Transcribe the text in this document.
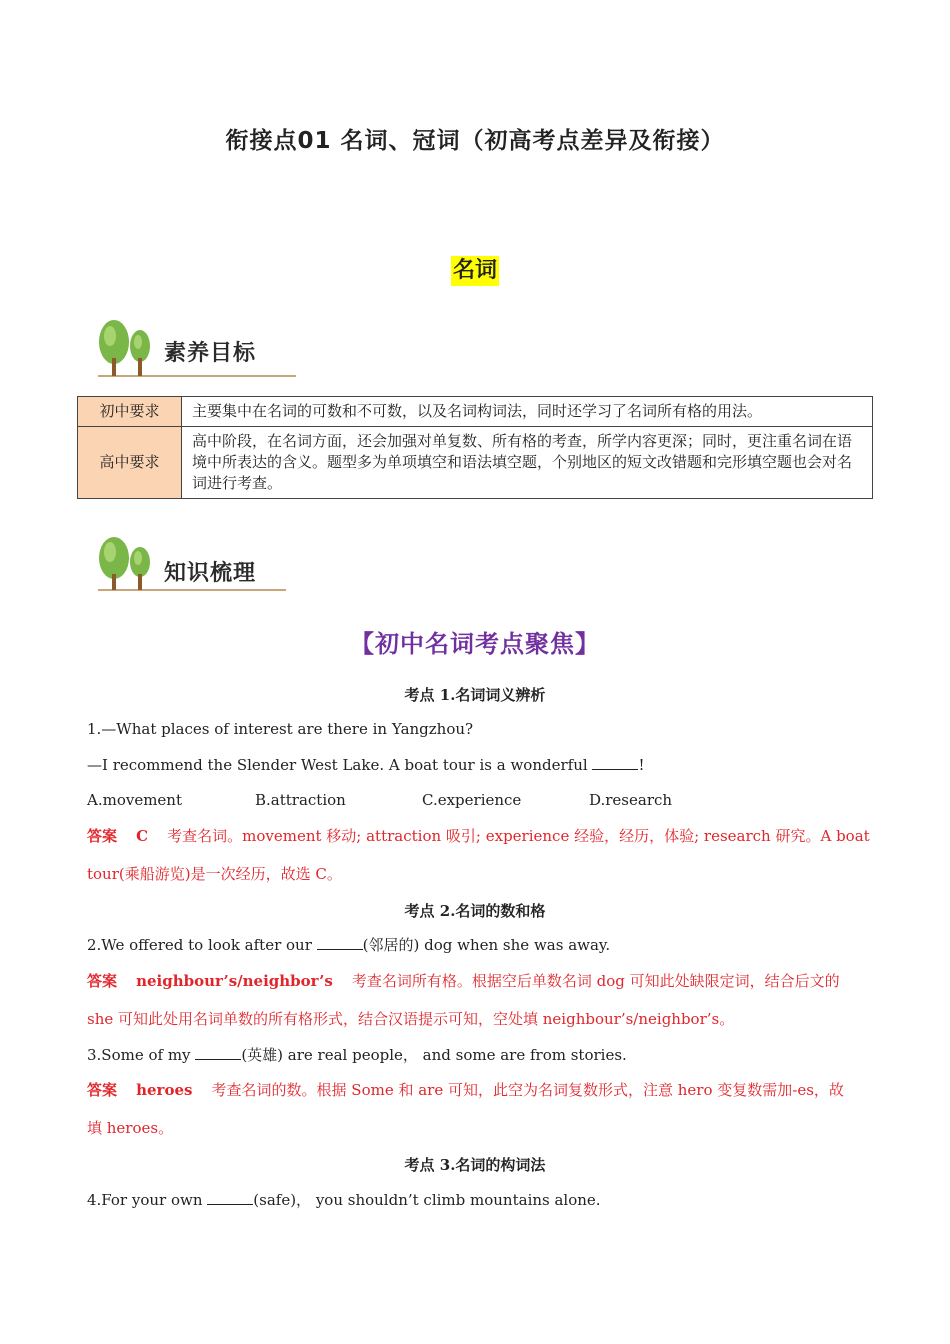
衔接点01 名词、冠词（初高考点差异及衔接）
名词
素养目标
初中要求	主要集中在名词的可数和不可数，以及名词构词法，同时还学习了名词所有格的用法。
高中要求	高中阶段，在名词方面，还会加强对单复数、所有格的考查，所学内容更深；同时，更注重名词在语境中所表达的含义。题型多为单项填空和语法填空题，个别地区的短文改错题和完形填空题也会对名词进行考查。
知识梳理
【初中名词考点聚焦】
考点 1.名词词义辨析
1.—What places of interest are there in Yangzhou?
—I recommend the Slender West Lake. A boat tour is a wonderful	!
A.movement	B.attraction	C.experience	D.research
答案 C 考查名词。movement 移动; attraction 吸引; experience 经验，经历，体验; research 研究。A boat
tour(乘船游览)是一次经历，故选 C。
考点 2.名词的数和格
2.We offered to look after our	(邻居的) dog when she was away.
答案 neighbour’s/neighbor’s 考查名词所有格。根据空后单数名词 dog 可知此处缺限定词，结合后文的
she 可知此处用名词单数的所有格形式，结合汉语提示可知，空处填 neighbour’s/neighbor’s。
3.Some of my	(英雄) are real people， and some are from stories.
答案 heroes 考查名词的数。根据 Some 和 are 可知，此空为名词复数形式，注意 hero 变复数需加-es，故
填 heroes。
考点 3.名词的构词法
4.For your own	(safe)， you shouldn’t climb mountains alone.
